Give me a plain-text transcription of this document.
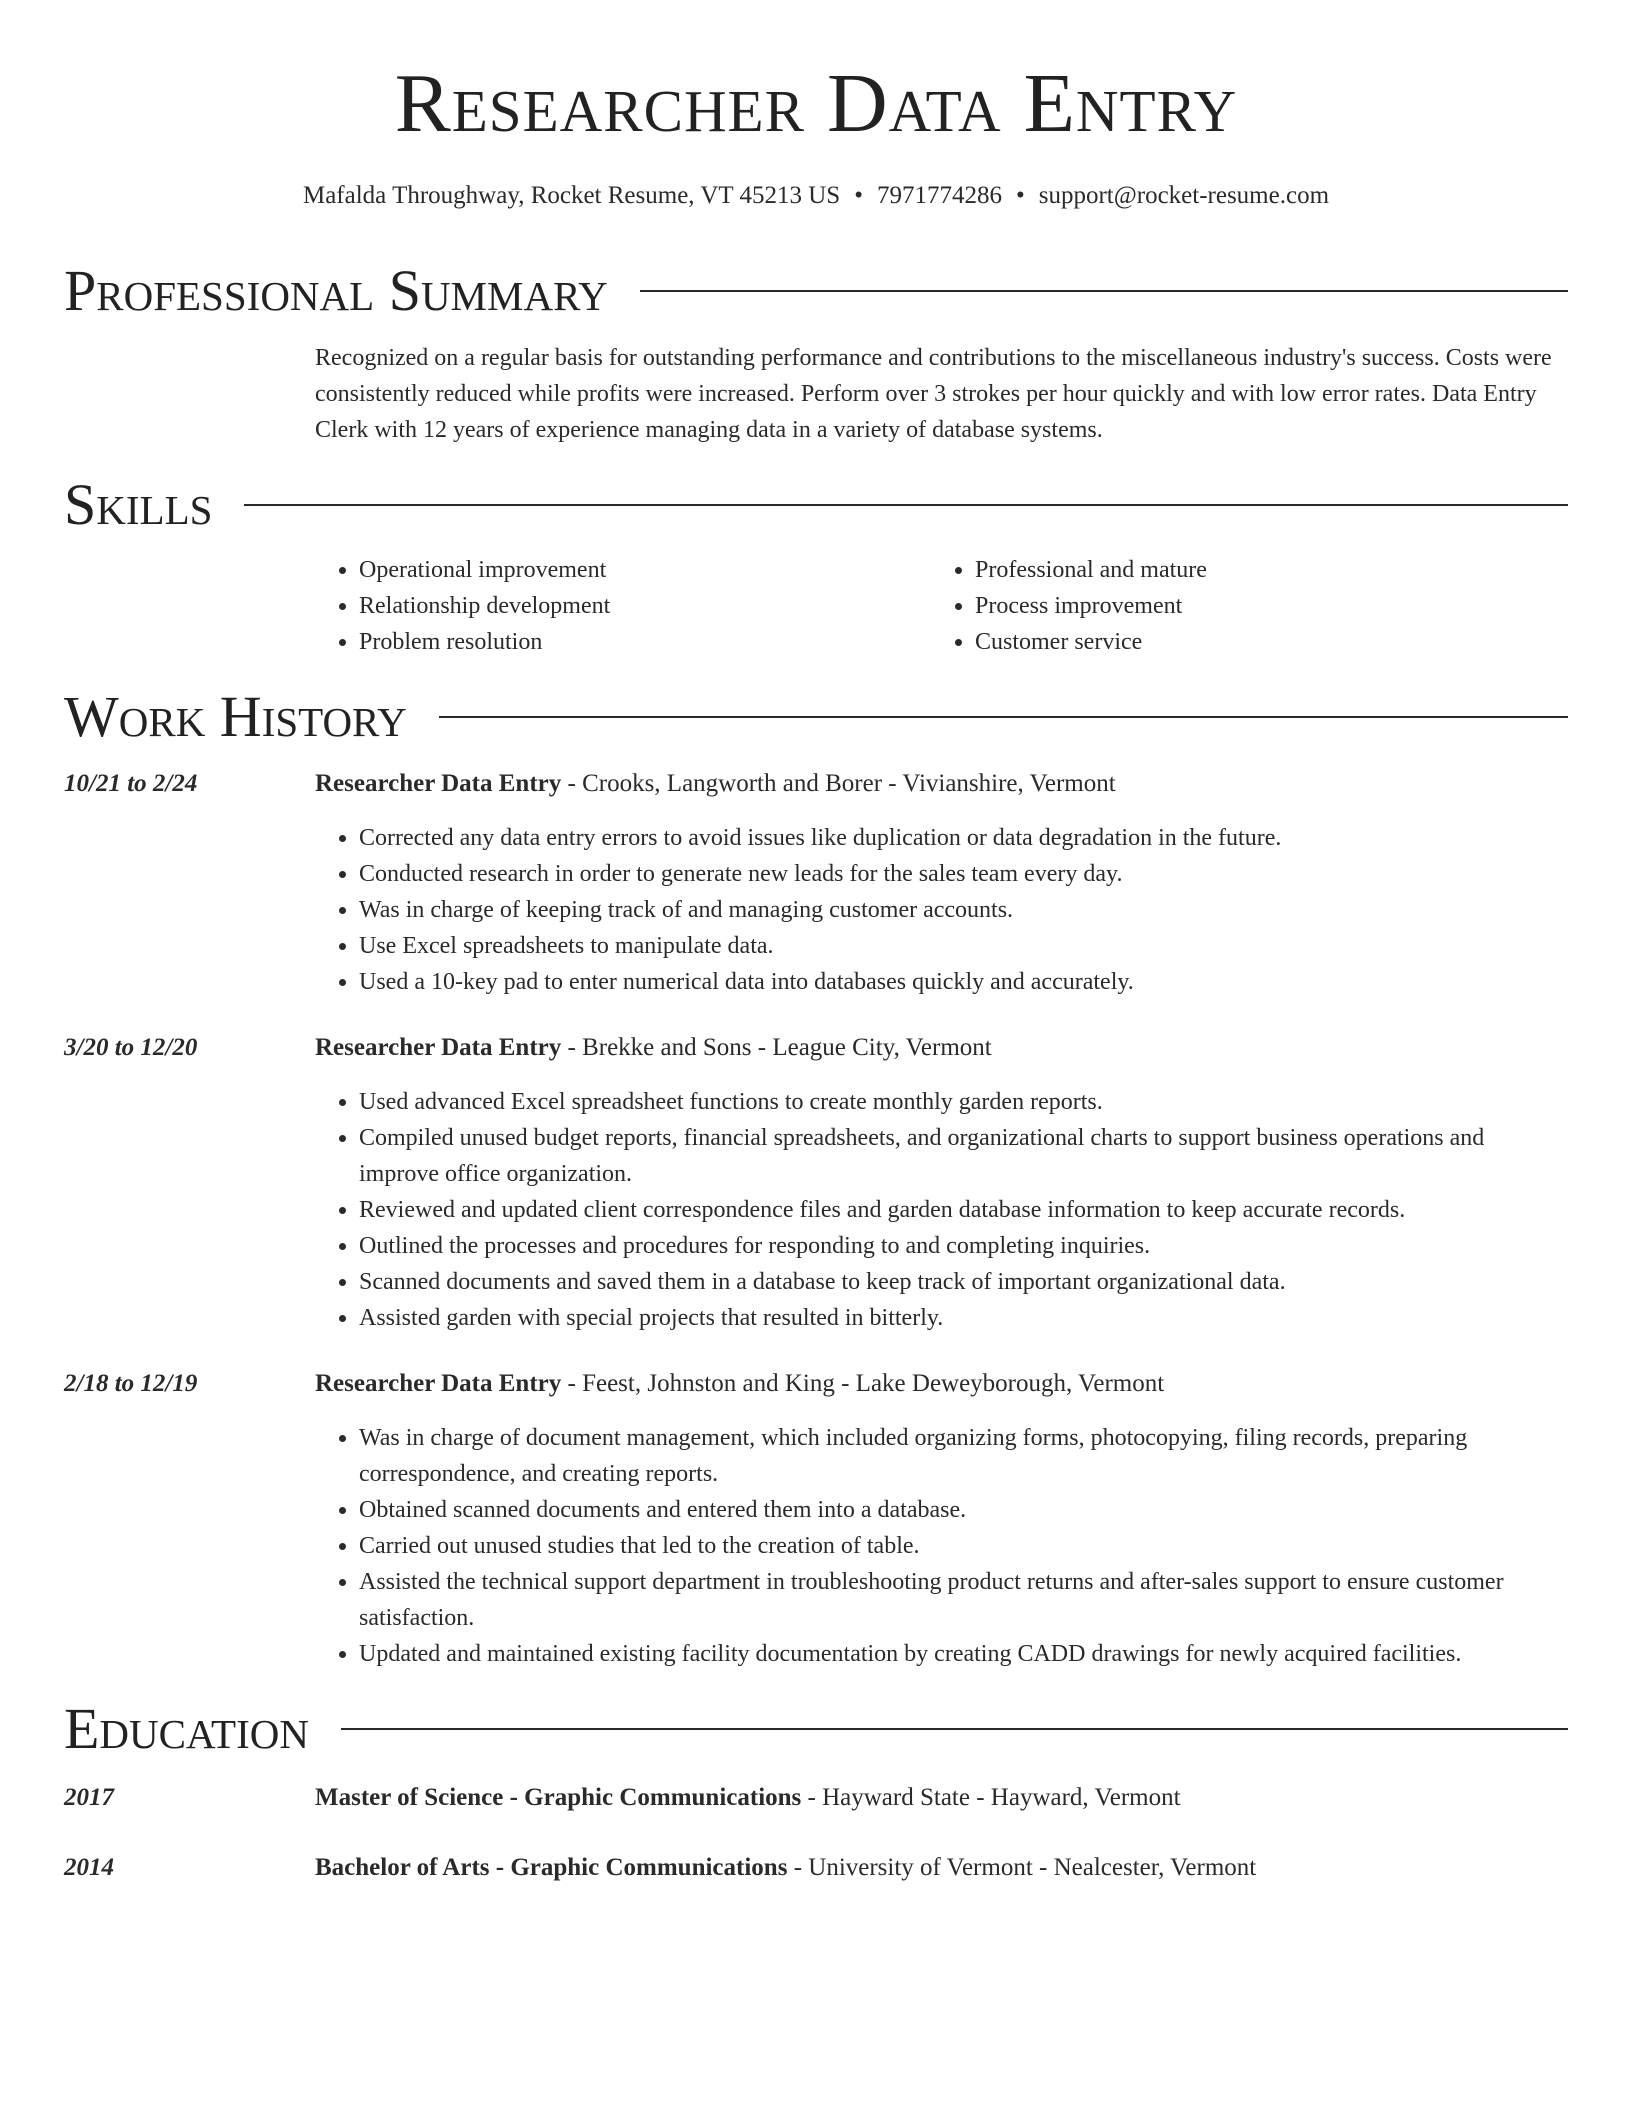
Researcher Data Entry
Mafalda Throughway, Rocket Resume, VT 45213 US • 7971774286 • support@rocket-resume.com
Professional Summary
Recognized on a regular basis for outstanding performance and contributions to the miscellaneous industry's success. Costs were consistently reduced while profits were increased. Perform over 3 strokes per hour quickly and with low error rates. Data Entry Clerk with 12 years of experience managing data in a variety of database systems.
Skills
• Operational improvement
• Relationship development
• Problem resolution
• Professional and mature
• Process improvement
• Customer service
Work History
10/21 to 2/24	Researcher Data Entry - Crooks, Langworth and Borer - Vivianshire, Vermont
• Corrected any data entry errors to avoid issues like duplication or data degradation in the future.
• Conducted research in order to generate new leads for the sales team every day.
• Was in charge of keeping track of and managing customer accounts.
• Use Excel spreadsheets to manipulate data.
• Used a 10-key pad to enter numerical data into databases quickly and accurately.
3/20 to 12/20	Researcher Data Entry - Brekke and Sons - League City, Vermont
• Used advanced Excel spreadsheet functions to create monthly garden reports.
• Compiled unused budget reports, financial spreadsheets, and organizational charts to support business operations and improve office organization.
• Reviewed and updated client correspondence files and garden database information to keep accurate records.
• Outlined the processes and procedures for responding to and completing inquiries.
• Scanned documents and saved them in a database to keep track of important organizational data.
• Assisted garden with special projects that resulted in bitterly.
2/18 to 12/19	Researcher Data Entry - Feest, Johnston and King - Lake Deweyborough, Vermont
• Was in charge of document management, which included organizing forms, photocopying, filing records, preparing correspondence, and creating reports.
• Obtained scanned documents and entered them into a database.
• Carried out unused studies that led to the creation of table.
• Assisted the technical support department in troubleshooting product returns and after-sales support to ensure customer satisfaction.
• Updated and maintained existing facility documentation by creating CADD drawings for newly acquired facilities.
Education
2017	Master of Science - Graphic Communications - Hayward State - Hayward, Vermont
2014	Bachelor of Arts - Graphic Communications - University of Vermont - Nealcester, Vermont
